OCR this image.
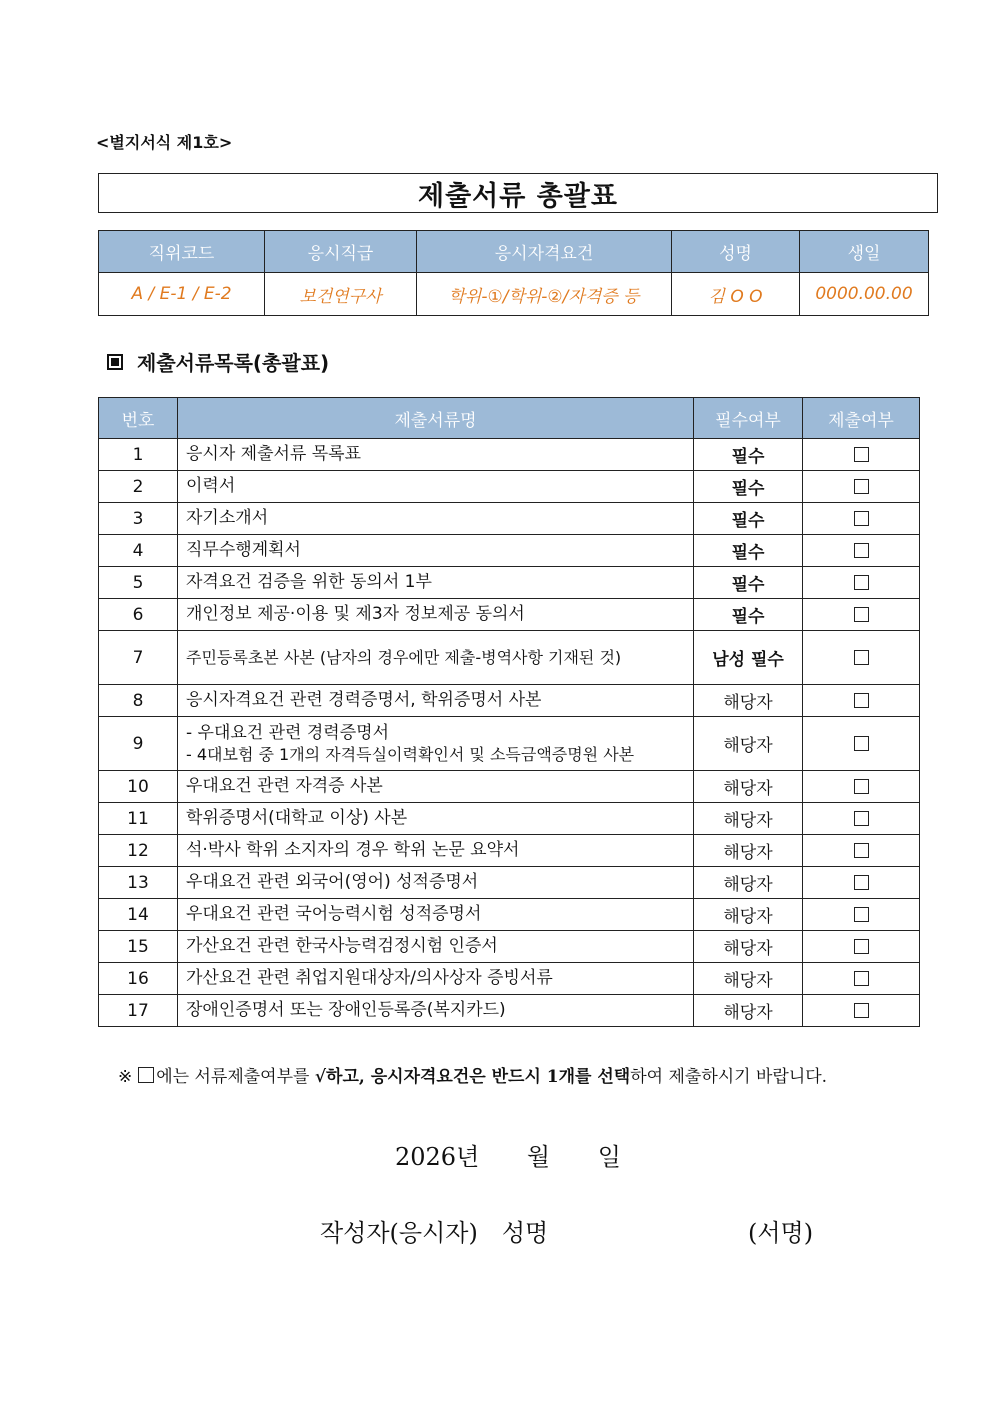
<별지서식 제1호>
제출서류 총괄표
직위코드	응시직급	응시자격요건	성명	생일
A / E-1 / E-2	보건연구사	학위-①/학위-②/자격증 등	김 O O	0000.00.00
제출서류목록(총괄표)
번호	제출서류명	필수여부	제출여부
1	응시자 제출서류 목록표	필수	
2	이력서	필수	
3	자기소개서	필수	
4	직무수행계획서	필수	
5	자격요건 검증을 위한 동의서 1부	필수	
6	개인정보 제공·이용 및 제3자 정보제공 동의서	필수	
7	주민등록초본 사본 (남자의 경우에만 제출-병역사항 기재된 것)	남성 필수	
8	응시자격요건 관련 경력증명서, 학위증명서 사본	해당자	
9	- 우대요건 관련 경력증명서
- 4대보험 중 1개의 자격득실이력확인서 및 소득금액증명원 사본	해당자	
10	우대요건 관련 자격증 사본	해당자	
11	학위증명서(대학교 이상) 사본	해당자	
12	석·박사 학위 소지자의 경우 학위 논문 요약서	해당자	
13	우대요건 관련 외국어(영어) 성적증명서	해당자	
14	우대요건 관련 국어능력시험 성적증명서	해당자	
15	가산요건 관련 한국사능력검정시험 인증서	해당자	
16	가산요건 관련 취업지원대상자/의사상자 증빙서류	해당자	
17	장애인증명서 또는 장애인등록증(복지카드)	해당자	
※ 에는 서류제출여부를 √하고, 응시자격요건은 반드시 1개를 선택하여 제출하시기 바랍니다.
2026년 월 일
작성자(응시자)　성명	(서명)
